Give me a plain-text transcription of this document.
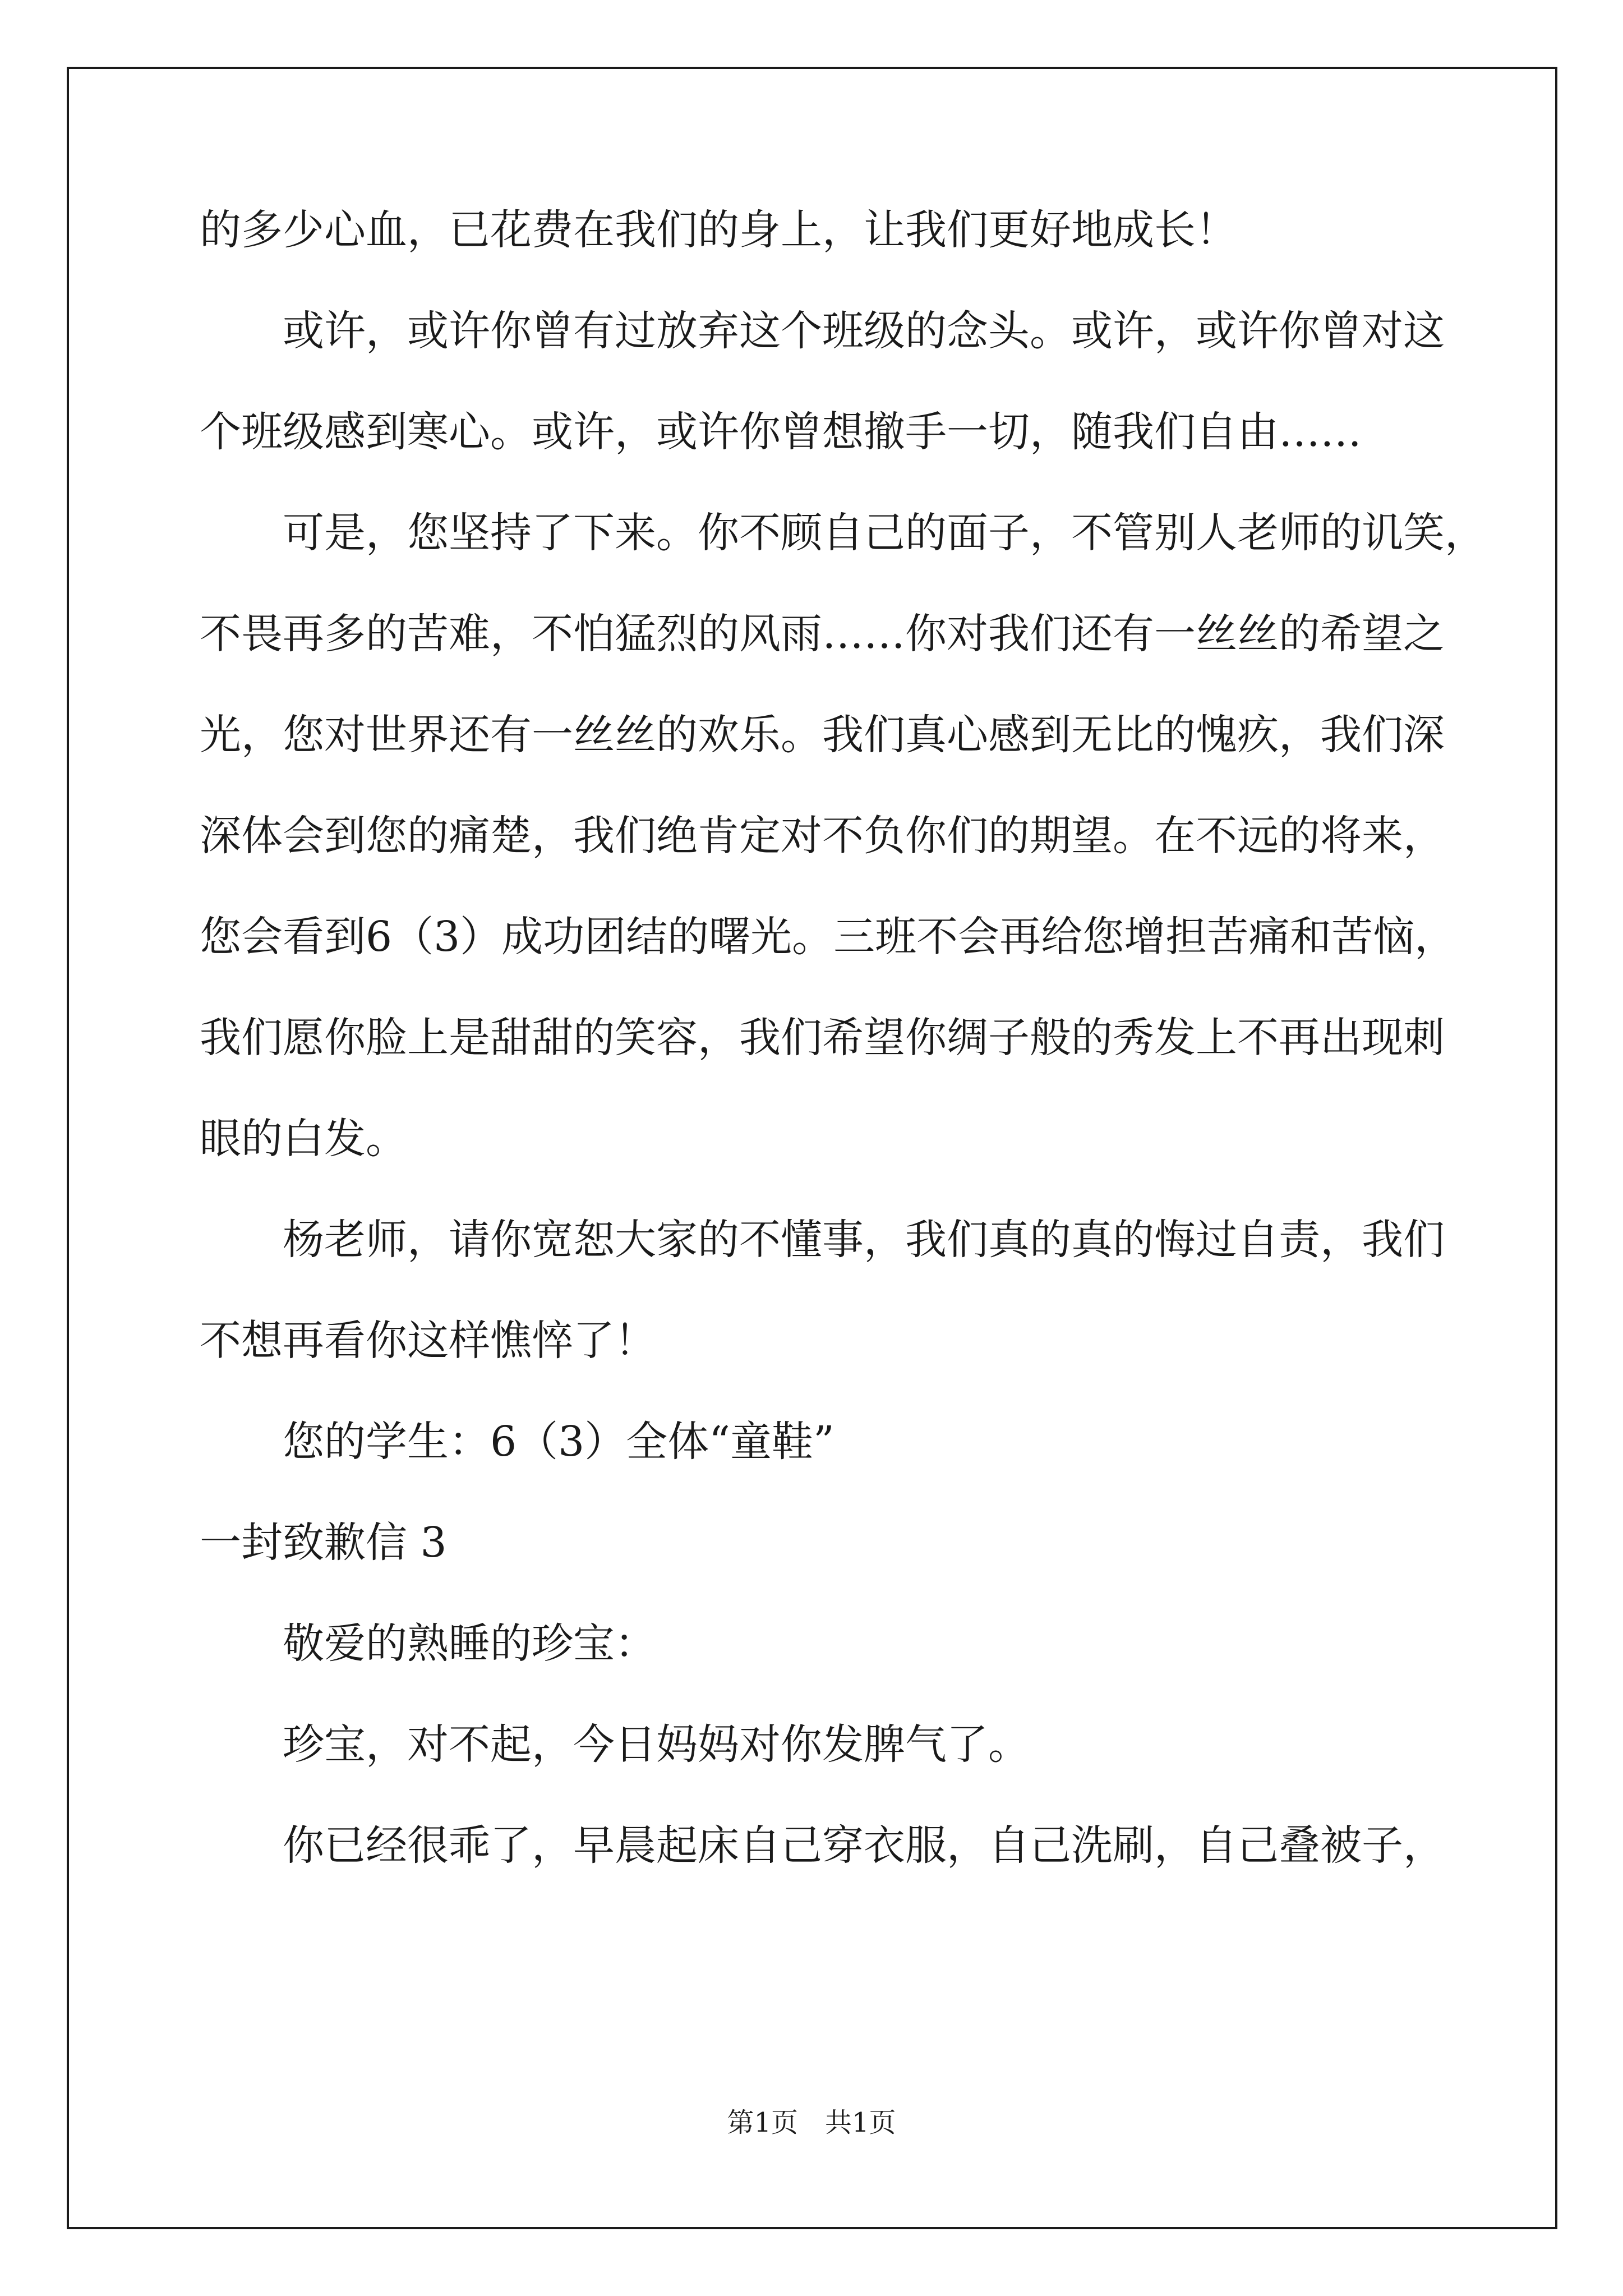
的多少心血，已花费在我们的身上，让我们更好地成长！
　　或许，或许你曾有过放弃这个班级的念头。或许，或许你曾对这
个班级感到寒心。或许，或许你曾想撤手一切，随我们自由……
　　可是，您坚持了下来。你不顾自己的面子，不管别人老师的讥笑，
不畏再多的苦难，不怕猛烈的风雨……你对我们还有一丝丝的希望之
光，您对世界还有一丝丝的欢乐。我们真心感到无比的愧疚，我们深
深体会到您的痛楚，我们绝肯定对不负你们的期望。在不远的将来，
您会看到6（3）成功团结的曙光。三班不会再给您增担苦痛和苦恼，
我们愿你脸上是甜甜的笑容，我们希望你绸子般的秀发上不再出现刺
眼的白发。
　　杨老师，请你宽恕大家的不懂事，我们真的真的悔过自责，我们
不想再看你这样憔悴了！
　　您的学生：6（3）全体“童鞋”
一封致歉信 3
　　敬爱的熟睡的珍宝：
　　珍宝，对不起，今日妈妈对你发脾气了。
　　你已经很乖了，早晨起床自己穿衣服，自己洗刷，自己叠被子，
第1页　共1页
